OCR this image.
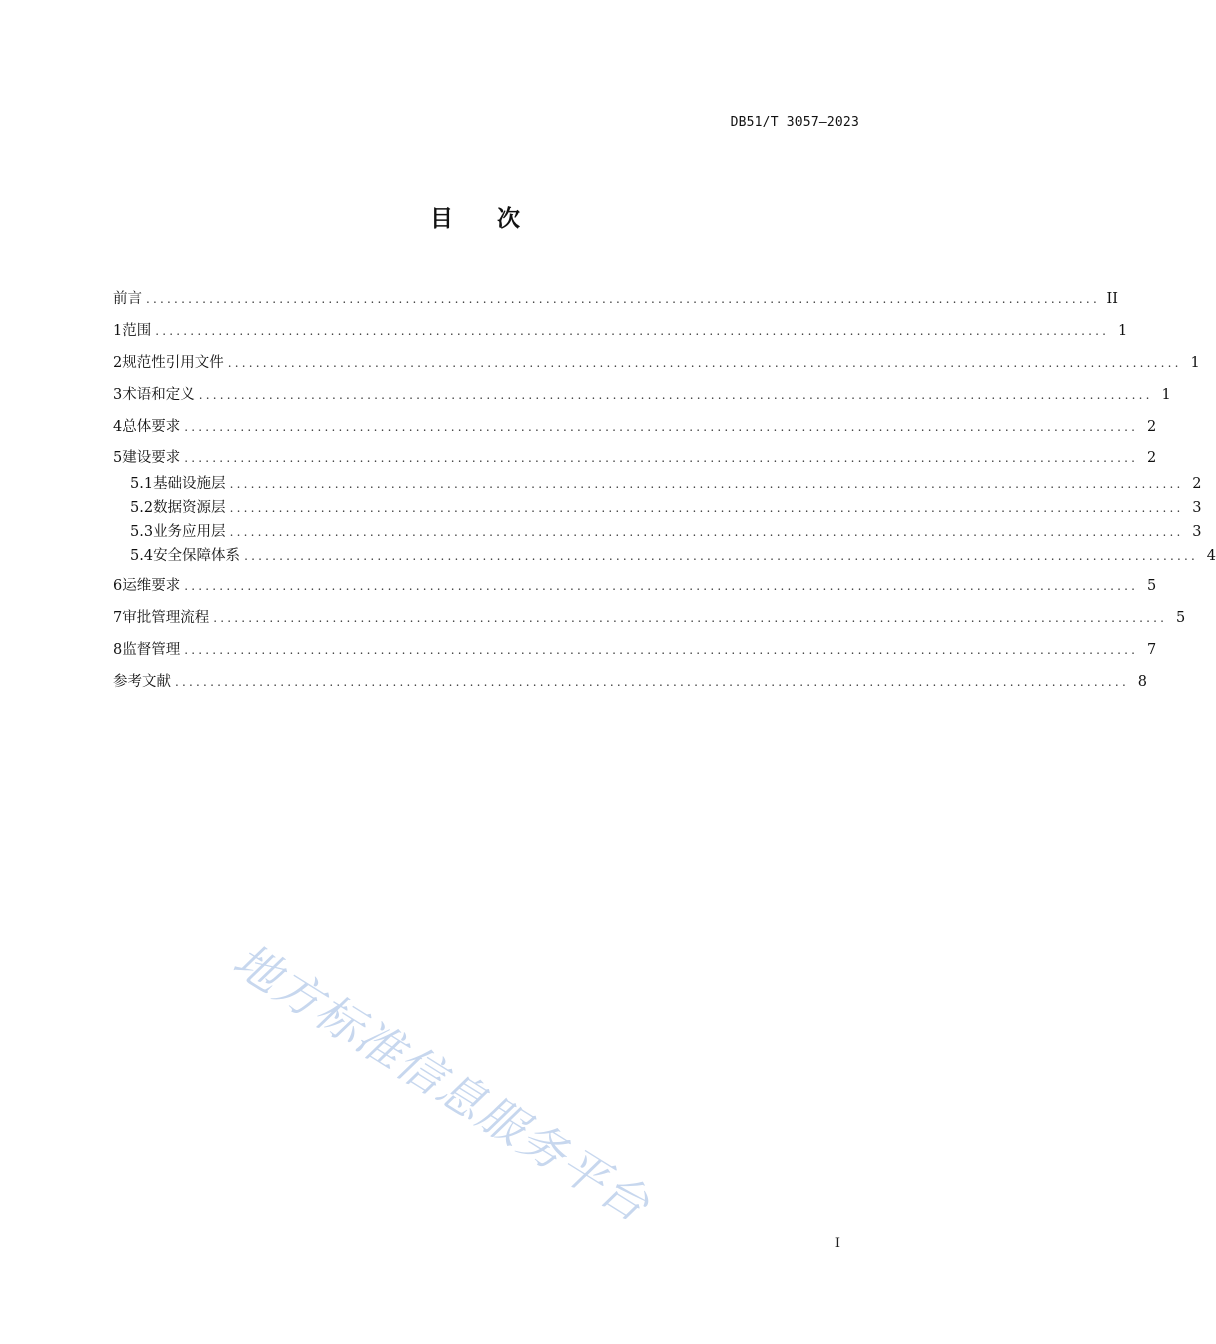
DB51/T 3057—2023
目 次
前言 ........................................................................................................................................ II
1 范围 ........................................................................................................................................ 1
2 规范性引用文件 ........................................................................................................................................ 1
3 术语和定义 ........................................................................................................................................ 1
4 总体要求 ........................................................................................................................................ 2
5 建设要求 ........................................................................................................................................ 2
5.1 基础设施层 ........................................................................................................................................ 2
5.2 数据资源层 ........................................................................................................................................ 3
5.3 业务应用层 ........................................................................................................................................ 3
5.4 安全保障体系 ........................................................................................................................................ 4
6 运维要求 ........................................................................................................................................ 5
7 审批管理流程 ........................................................................................................................................ 5
8 监督管理 ........................................................................................................................................ 7
参考文献 ........................................................................................................................................ 8
地方标准信息服务平台
I
